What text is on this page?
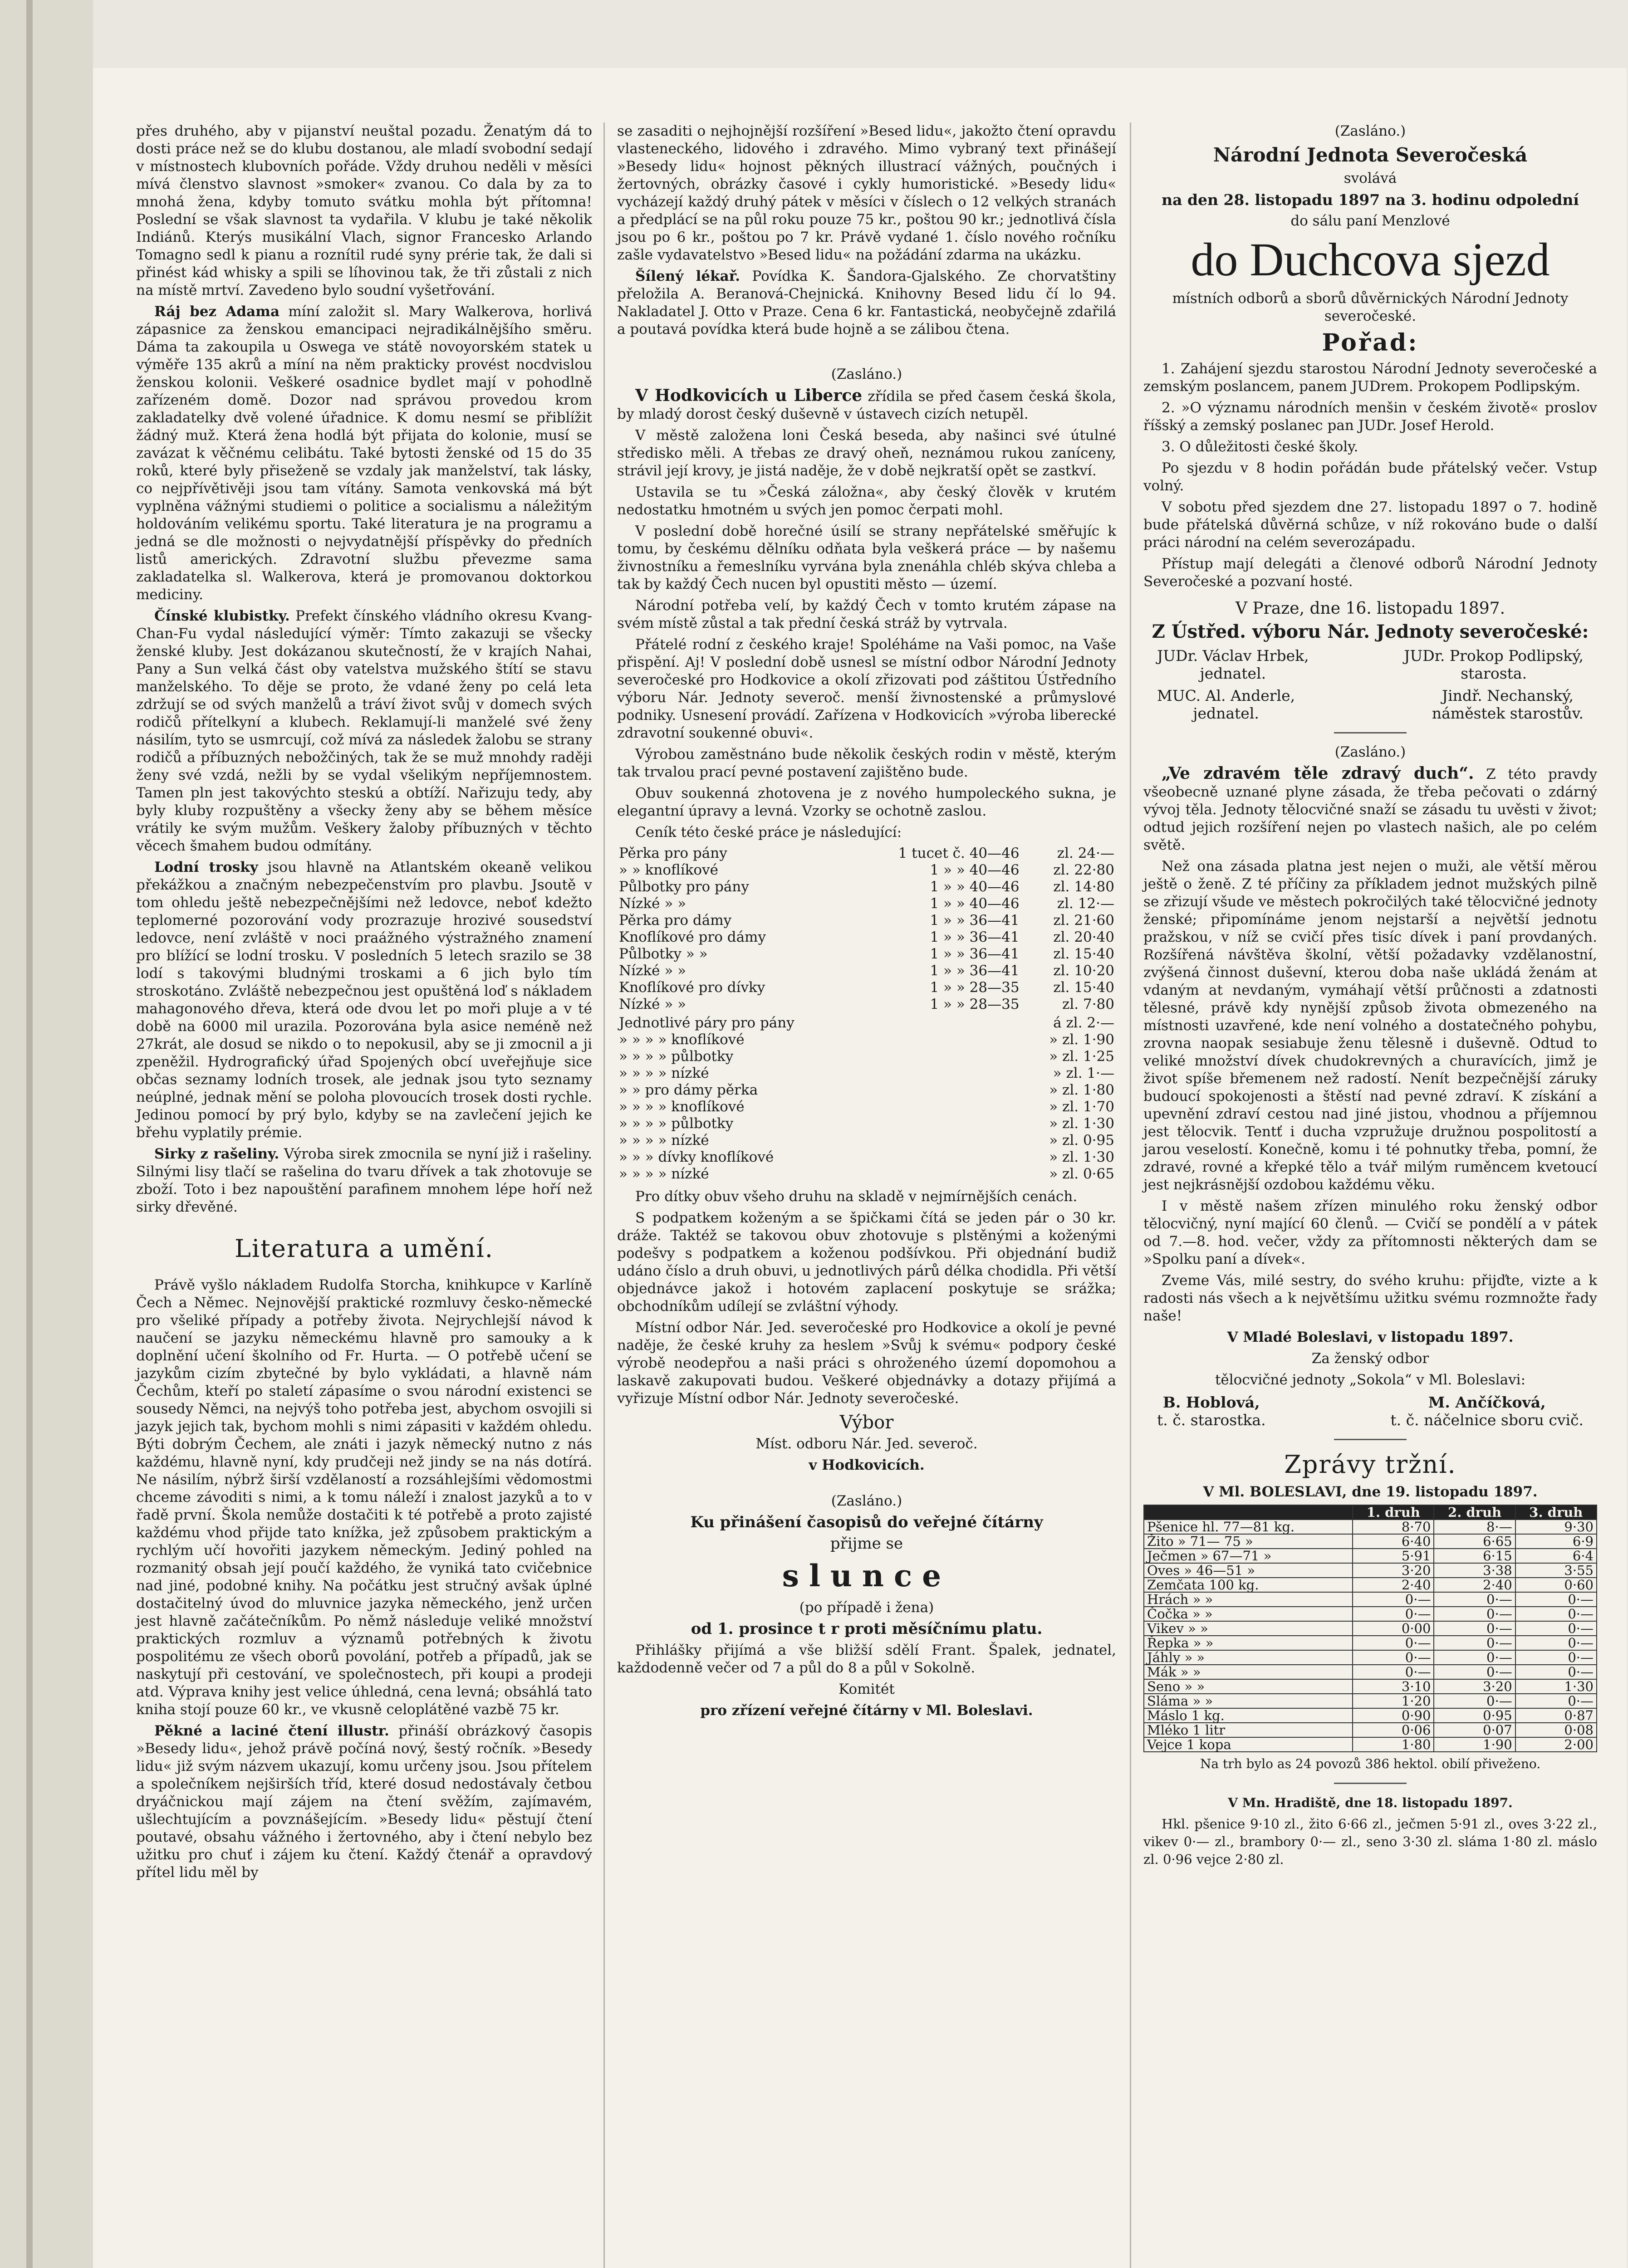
přes druhého, aby v pijanství neuštal pozadu. Ženatým dá to dosti práce než se do klubu dostanou, ale mladí svobodní sedají v místnostech klubovních pořáde. Vždy druhou neděli v měsíci mívá členstvo slavnost »smoker« zvanou. Co dala by za to mnohá žena, kdyby tomuto svátku mohla být přítomna! Poslední se však slavnost ta vydařila. V klubu je také několik Indiánů. Kterýs musikální Vlach, signor Francesko Arlando Tomagno sedl k pianu a roznítil rudé syny prérie tak, že dali si přinést kád whisky a spili se líhovinou tak, že tři zůstali z nich na místě mrtví. Zavedeno bylo soudní vyšetřování.

Ráj bez Adama míní založit sl. Mary Walkerova, horlivá zápasnice za ženskou emancipaci nejradikálnějšího směru. Dáma ta zakoupila u Oswega ve státě novoyorském statek u výměře 135 akrů a míní na něm prakticky provést nocdvislou ženskou kolonii. Veškeré osadnice bydlet mají v pohodlně zařízeném domě. Dozor nad správou provedou krom zakladatelky dvě volené úřadnice. K domu nesmí se přiblížit žádný muž. Která žena hodlá být přijata do kolonie, musí se zavázat k věčnému celibátu. Také bytosti ženské od 15 do 35 roků, které byly přiseženě se vzdaly jak manželství, tak lásky, co nejpřívětivěji jsou tam vítány. Samota venkovská má být vyplněna vážnými studiemi o politice a socialismu a náležitým holdováním velikému sportu. Také literatura je na programu a jedná se dle možnosti o nejvydatnější příspěvky do předních listů amerických. Zdravotní službu převezme sama zakladatelka sl. Walkerova, která je promovanou doktorkou mediciny.

Čínské klubistky. Prefekt čínského vládního okresu Kvang-Chan-Fu vydal následující výměr: Tímto zakazuji se všecky ženské kluby. Jest dokázanou skutečností, že v krajích Nahai, Pany a Sun velká část oby vatelstva mužského štítí se stavu manželského. To děje se proto, že vdané ženy po celá leta zdržují se od svých manželů a tráví život svůj v domech svých rodičů přítelkyní a klubech. Reklamují-li manželé své ženy násilím, tyto se usmrcují, což mívá za následek žalobu se strany rodičů a příbuzných nebožčiných, tak že se muž mnohdy raději ženy své vzdá, nežli by se vydal všelikým nepříjemnostem. Tamen pln jest takovýchto steskú a obtíží. Nařizuju tedy, aby byly kluby rozpuštěny a všecky ženy aby se během měsíce vrátily ke svým mužům. Veškery žaloby příbuzných v těchto věcech šmahem budou odmítány.

Lodní trosky jsou hlavně na Atlantském okeaně velikou překážkou a značným nebezpečenstvím pro plavbu. Jsoutě v tom ohledu ještě nebezpečnějšími než ledovce, neboť kdežto teplomerné pozorování vody prozrazuje hrozivé sousedství ledovce, není zvláště v noci praážného výstražného znamení pro blížící se lodní trosku. V posledních 5 letech srazilo se 38 lodí s takovými bludnými troskami a 6 jich bylo tím stroskotáno. Zvláště nebezpečnou jest opuštěná loď s nákladem mahagonového dřeva, která ode dvou let po moři pluje a v té době na 6000 mil urazila. Pozorována byla asice neméně než 27krát, ale dosud se nikdo o to nepokusil, aby se ji zmocnil a ji zpeněžil. Hydrografický úřad Spojených obcí uveřejňuje sice občas seznamy lodních trosek, ale jednak jsou tyto seznamy neúplné, jednak mění se poloha plovoucích trosek dosti rychle. Jedinou pomocí by prý bylo, kdyby se na zavlečení jejich ke břehu vyplatily prémie.

Sirky z rašeliny. Výroba sirek zmocnila se nyní již i rašeliny. Silnými lisy tlačí se rašelina do tvaru dřívek a tak zhotovuje se zboží. Toto i bez napouštění parafinem mnohem lépe hoří než sirky dřevěné.

Literatura a umění.

Právě vyšlo nákladem Rudolfa Storcha, knihkupce v Karlíně Čech a Němec. Nejnovější praktické rozmluvy česko-německé pro všeliké případy a potřeby života. Nejrychlejší návod k naučení se jazyku německému hlavně pro samouky a k doplnění učení školního od Fr. Hurta. — O potřebě učení se jazykům cizím zbytečné by bylo vykládati, a hlavně nám Čechům, kteří po staletí zápasíme o svou národní existenci se sousedy Němci, na nejvýš toho potřeba jest, abychom osvojili si jazyk jejich tak, bychom mohli s nimi zápasiti v každém ohledu. Býti dobrým Čechem, ale znáti i jazyk německý nutno z nás každému, hlavně nyní, kdy prudčeji než jindy se na nás dotírá. Ne násilím, nýbrž širší vzdělaností a rozsáhlejšími vědomostmi chceme závoditi s nimi, a k tomu náleží i znalost jazyků a to v řadě první. Škola nemůže dostačiti k té potřebě a proto zajisté každému vhod přijde tato knížka, jež způsobem praktickým a rychlým učí hovořiti jazykem německým. Jediný pohled na rozmanitý obsah její poučí každého, že vyniká tato cvičebnice nad jiné, podobné knihy. Na počátku jest stručný avšak úplné dostačitelný úvod do mluvnice jazyka německého, jenž určen jest hlavně začátečníkům. Po němž následuje veliké množství praktických rozmluv a významů potřebných k životu pospolitému ze všech oborů povolání, potřeb a případů, jak se naskytují při cestování, ve společnostech, při koupi a prodeji atd. Výprava knihy jest velice úhledná, cena levná; obsáhlá tato kniha stojí pouze 60 kr., ve vkusně celoplátěné vazbě 75 kr.

Pěkné a laciné čtení illustr. přináší obrázkový časopis »Besedy lidu«, jehož právě počíná nový, šestý ročník. »Besedy lidu« již svým názvem ukazují, komu určeny jsou. Jsou přítelem a společníkem nejširších tříd, které dosud nedostávaly četbou dryáčnickou mají zájem na čtení svěžím, zajímavém, ušlechtujícím a povznášejícím. »Besedy lidu« pěstují čtení poutavé, obsahu vážného i žertovného, aby i čtení nebylo bez užitku pro chuť i zájem ku čtení. Každý čtenář a opravdový přítel lidu měl by

se zasaditi o nejhojnější rozšíření »Besed lidu«, jakožto čtení opravdu vlasteneckého, lidového i zdravého. Mimo vybraný text přinášejí »Besedy lidu« hojnost pěkných illustrací vážných, poučných i žertovných, obrázky časové i cykly humoristické. »Besedy lidu« vycházejí každý druhý pátek v měsíci v číslech o 12 velkých stranách a předplácí se na půl roku pouze 75 kr., poštou 90 kr.; jednotlivá čísla jsou po 6 kr., poštou po 7 kr. Právě vydané 1. číslo nového ročníku zašle vydavatelstvo »Besed lidu« na požádání zdarma na ukázku.

Šílený lékař. Povídka K. Šandora-Gjalského. Ze chorvatštiny přeložila A. Beranová-Chejnická. Knihovny Besed lidu čí lo 94. Nakladatel J. Otto v Praze. Cena 6 kr. Fantastická, neobyčejně zdařilá a poutavá povídka která bude hojně a se zálibou čtena.

(Zasláno.)

V Hodkovicích u Liberce zřídila se před časem česká škola, by mladý dorost český duševně v ústavech cizích netupěl.

V městě založena loni Česká beseda, aby našinci své útulné středisko měli. A třebas ze dravý oheň, neznámou rukou zaníceny, strávil její krovy, je jistá naděje, že v době nejkratší opět se zastkví.

Ustavila se tu »Česká záložna«, aby český člověk v krutém nedostatku hmotném u svých jen pomoc čerpati mohl.

V poslední době horečné úsilí se strany nepřátelské směřujíc k tomu, by českému dělníku odňata byla veškerá práce — by našemu živnostníku a řemeslníku vyrvána byla znenáhla chléb skýva chleba a tak by každý Čech nucen byl opustiti město — území.

Národní potřeba velí, by každý Čech v tomto krutém zápase na svém místě zůstal a tak přední česká stráž by vytrvala.

Přátelé rodní z českého kraje! Spoléháme na Vaši pomoc, na Vaše přispění. Aj! V poslední době usnesl se místní odbor Národní Jednoty severočeské pro Hodkovice a okolí zřizovati pod záštitou Ústředního výboru Nár. Jednoty severoč. menší živnostenské a průmyslové podniky. Usnesení provádí. Zařízena v Hodkovicích »výroba liberecké zdravotní soukenné obuvi«.

Výrobou zaměstnáno bude několik českých rodin v městě, kterým tak trvalou prací pevné postavení zajištěno bude.

Obuv soukenná zhotovena je z nového humpoleckého sukna, je elegantní úpravy a levná. Vzorky se ochotně zaslou.

Ceník této české práce je následující:

Pěrka pro pány	1 tucet č. 40—46	zl. 24·—
» » knoflíkové	1 » » 40—46	zl. 22·80
Půlbotky pro pány	1 » » 40—46	zl. 14·80
Nízké » »	1 » » 40—46	zl. 12·—
Pěrka pro dámy	1 » » 36—41	zl. 21·60
Knoflíkové pro dámy	1 » » 36—41	zl. 20·40
Půlbotky » »	1 » » 36—41	zl. 15·40
Nízké » »	1 » » 36—41	zl. 10·20
Knoflíkové pro dívky	1 » » 28—35	zl. 15·40
Nízké » »	1 » » 28—35	zl. 7·80
Jednotlivé páry pro pány	á zl. 2·—
» » » » knoflíkové	» zl. 1·90
» » » » půlbotky	» zl. 1·25
» » » » nízké	» zl. 1·—
» » pro dámy pěrka	» zl. 1·80
» » » » knoflíkové	» zl. 1·70
» » » » půlbotky	» zl. 1·30
» » » » nízké	» zl. 0·95
» » » dívky knoflíkové	» zl. 1·30
» » » » nízké	» zl. 0·65

Pro dítky obuv všeho druhu na skladě v nejmírnějších cenách.

S podpatkem koženým a se špičkami čítá se jeden pár o 30 kr. dráže. Taktéž se takovou obuv zhotovuje s plstěnými a koženými podešvy s podpatkem a koženou podšívkou. Při objednání budiž udáno číslo a druh obuvi, u jednotlivých párů délka chodidla. Při větší objednávce jakož i hotovém zaplacení poskytuje se srážka; obchodníkům udílejí se zvláštní výhody.

Místní odbor Nár. Jed. severočeské pro Hodkovice a okolí je pevné naděje, že české kruhy za heslem »Svůj k svému« podpory české výrobě neodepřou a naši práci s ohroženého území dopomohou a laskavě zakupovati budou. Veškeré objednávky a dotazy přijímá a vyřizuje Místní odbor Nár. Jednoty severočeské.

Výbor
Míst. odboru Nár. Jed. severoč.
v Hodkovicích.
(Zasláno.)
Ku přinášení časopisů do veřejné čítárny
přijme se
slunce
(po případě i žena)
od 1. prosince t r proti měsíčnímu platu.

Přihlášky přijímá a vše bližší sdělí Frant. Špalek, jednatel, každodenně večer od 7 a půl do 8 a půl v Sokolně.

Komitét
pro zřízení veřejné čítárny v Ml. Boleslavi.
(Zasláno.)
Národní Jednota Severočeská
svolává
na den 28. listopadu 1897 na 3. hodinu odpolední
do sálu paní Menzlové
do Duchcova sjezd
místních odborů a sborů důvěrnických Národní Jednoty severočeské.
Pořad:

1. Zahájení sjezdu starostou Národní Jednoty severočeské a zemským poslancem, panem JUDrem. Prokopem Podlipským.

2. »O významu národních menšin v českém životě« proslov říšský a zemský poslanec pan JUDr. Josef Herold.

3. O důležitosti české školy.

Po sjezdu v 8 hodin pořádán bude přátelský večer. Vstup volný.

V sobotu před sjezdem dne 27. listopadu 1897 o 7. hodině bude přátelská důvěrná schůze, v níž rokováno bude o další práci národní na celém severozápadu.

Přístup mají delegáti a členové odborů Národní Jednoty Severočeské a pozvaní hosté.

V Praze, dne 16. listopadu 1897.
Z Ústřed. výboru Nár. Jednoty severočeské:
JUDr. Václav Hrbek,
jednatel.
JUDr. Prokop Podlipský,
starosta.
MUC. Al. Anderle,
jednatel.
Jindř. Nechanský,
náměstek starostův.
(Zasláno.)

„Ve zdravém těle zdravý duch“. Z této pravdy všeobecně uznané plyne zásada, že třeba pečovati o zdárný vývoj těla. Jednoty tělocvičné snaží se zásadu tu uvěsti v život; odtud jejich rozšíření nejen po vlastech našich, ale po celém světě.

Než ona zásada platna jest nejen o muži, ale větší měrou ještě o ženě. Z té příčiny za příkladem jednot mužských pilně se zřizují všude ve městech pokročilých také tělocvičné jednoty ženské; připomínáme jenom nejstarší a největší jednotu pražskou, v níž se cvičí přes tisíc dívek i paní provdaných. Rozšířená návštěva školní, větší požadavky vzdělanostní, zvýšená činnost duševní, kterou doba naše ukládá ženám at vdaným at nevdaným, vymáhají větší průčnosti a zdatnosti tělesné, právě kdy nynější způsob života obmezeného na místnosti uzavřené, kde není volného a dostatečného pohybu, zrovna naopak sesiabuje ženu tělesně i duševně. Odtud to veliké množství dívek chudokrevných a churavících, jimž je život spíše břemenem než radostí. Nenít bezpečnější záruky budoucí spokojenosti a štěstí nad pevné zdraví. K získání a upevnění zdraví cestou nad jiné jistou, vhodnou a příjemnou jest tělocvik. Tentť i ducha vzpružuje družnou pospolitostí a jarou veselostí. Konečně, komu i té pohnutky třeba, pomní, že zdravé, rovné a křepké tělo a tvář milým ruměncem kvetoucí jest nejkrásnější ozdobou každému věku.

I v městě našem zřízen minulého roku ženský odbor tělocvičný, nyní mající 60 členů. — Cvičí se pondělí a v pátek od 7.—8. hod. večer, vždy za přítomnosti některých dam se »Spolku paní a dívek«.

Zveme Vás, milé sestry, do svého kruhu: přijďte, vizte a k radosti nás všech a k největšímu užitku svému rozmnožte řady naše!

V Mladé Boleslavi, v listopadu 1897.
Za ženský odbor
tělocvičné jednoty „Sokola“ v Ml. Boleslavi:
B. Hoblová,
t. č. starostka.
M. Ančíčková,
t. č. náčelnice sboru cvič.
Zprávy tržní.
V Ml. BOLESLAVI, dne 19. listopadu 1897.
	1. druh	2. druh	3. druh
Pšenice hl. 77—81 kg.	8·70	8·—	9·30
Žito » 71— 75 »	6·40	6·65	6·9
Ječmen » 67—71 »	5·91	6·15	6·4
Oves » 46—51 »	3·20	3·38	3·55
Zemčata 100 kg.	2·40	2·40	0·60
Hrách » »	0·—	0·—	0·—
Čočka » »	0·—	0·—	0·—
Vikev » »	0·00	0·—	0·—
Řepka » »	0·—	0·—	0·—
Jáhly » »	0·—	0·—	0·—
Mák » »	0·—	0·—	0·—
Seno » »	3·10	3·20	1·30
Sláma » »	1·20	0·—	0·—
Máslo 1 kg.	0·90	0·95	0·87
Mléko 1 litr	0·06	0·07	0·08
Vejce 1 kopa	1·80	1·90	2·00
Na trh bylo as 24 povozů 386 hektol. obilí přiveženo.
V Mn. Hradiště, dne 18. listopadu 1897.

Hkl. pšenice 9·10 zl., žito 6·66 zl., ječmen 5·91 zl., oves 3·22 zl., vikev 0·— zl., brambory 0·— zl., seno 3·30 zl. sláma 1·80 zl. máslo zl. 0·96 vejce 2·80 zl.
